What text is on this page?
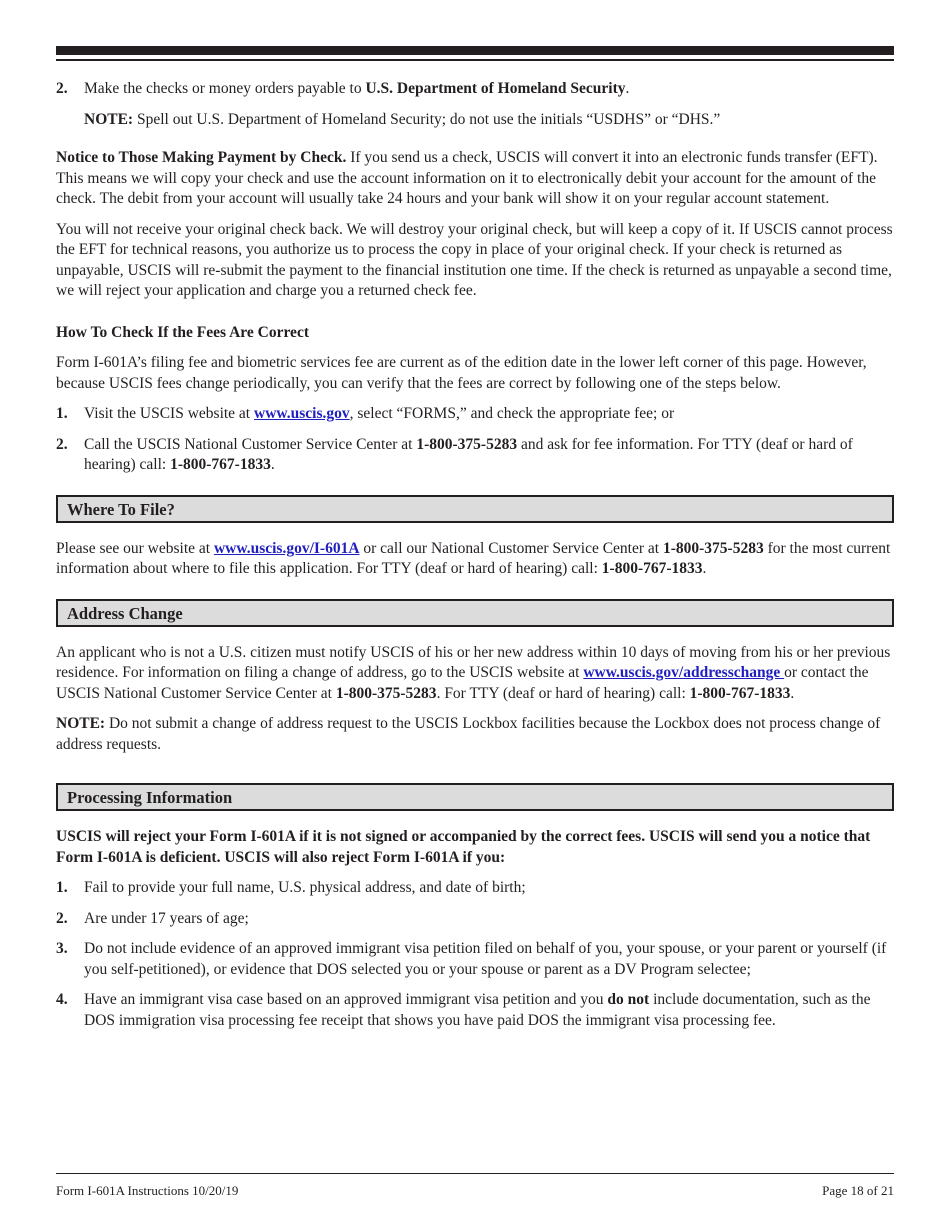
2. Make the checks or money orders payable to U.S. Department of Homeland Security.

NOTE: Spell out U.S. Department of Homeland Security; do not use the initials “USDHS” or “DHS.”

Notice to Those Making Payment by Check. If you send us a check, USCIS will convert it into an electronic funds transfer (EFT). This means we will copy your check and use the account information on it to electronically debit your account for the amount of the check. The debit from your account will usually take 24 hours and your bank will show it on your regular account statement.

You will not receive your original check back. We will destroy your original check, but will keep a copy of it. If USCIS cannot process the EFT for technical reasons, you authorize us to process the copy in place of your original check. If your check is returned as unpayable, USCIS will re-submit the payment to the financial institution one time. If the check is returned as unpayable a second time, we will reject your application and charge you a returned check fee.

How To Check If the Fees Are Correct

Form I-601A’s filing fee and biometric services fee are current as of the edition date in the lower left corner of this page. However, because USCIS fees change periodically, you can verify that the fees are correct by following one of the steps below.

1. Visit the USCIS website at www.uscis.gov, select “FORMS,” and check the appropriate fee; or

2. Call the USCIS National Customer Service Center at 1-800-375-5283 and ask for fee information. For TTY (deaf or hard of hearing) call: 1-800-767-1833.

Where To File?

Please see our website at www.uscis.gov/I-601A or call our National Customer Service Center at 1-800-375-5283 for the most current information about where to file this application. For TTY (deaf or hard of hearing) call: 1-800-767-1833.

Address Change

An applicant who is not a U.S. citizen must notify USCIS of his or her new address within 10 days of moving from his or her previous residence. For information on filing a change of address, go to the USCIS website at www.uscis.gov/addresschange or contact the USCIS National Customer Service Center at 1-800-375-5283. For TTY (deaf or hard of hearing) call: 1-800-767-1833.

NOTE: Do not submit a change of address request to the USCIS Lockbox facilities because the Lockbox does not process change of address requests.

Processing Information

USCIS will reject your Form I-601A if it is not signed or accompanied by the correct fees. USCIS will send you a notice that Form I-601A is deficient. USCIS will also reject Form I-601A if you:

1. Fail to provide your full name, U.S. physical address, and date of birth;

2. Are under 17 years of age;

3. Do not include evidence of an approved immigrant visa petition filed on behalf of you, your spouse, or your parent or yourself (if you self-petitioned), or evidence that DOS selected you or your spouse or parent as a DV Program selectee;

4. Have an immigrant visa case based on an approved immigrant visa petition and you do not include documentation, such as the DOS immigration visa processing fee receipt that shows you have paid DOS the immigrant visa processing fee.

Form I-601A Instructions 10/20/19	Page 18 of 21
